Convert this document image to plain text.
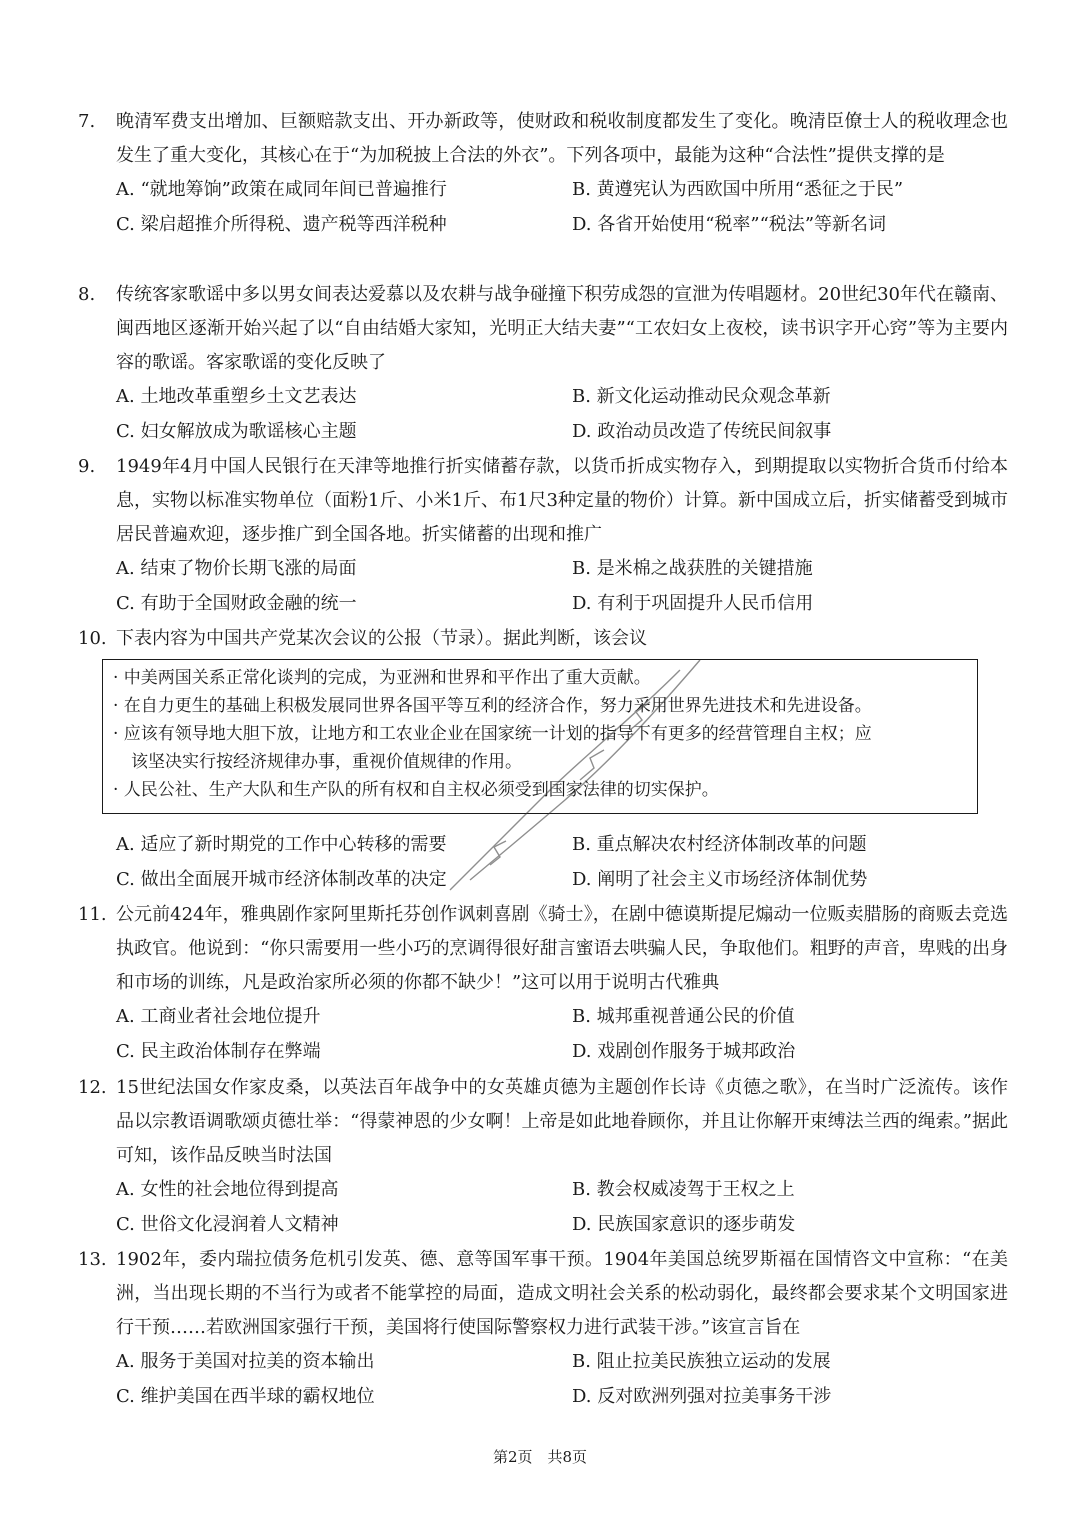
7. 晚清军费支出增加、巨额赔款支出、开办新政等，使财政和税收制度都发生了变化。晚清臣僚士人的税收理念也发生了重大变化，其核心在于“为加税披上合法的外衣”。下列各项中，最能为这种“合法性”提供支撑的是
A. “就地筹饷”政策在咸同年间已普遍推行	B. 黄遵宪认为西欧国中所用“悉征之于民”
C. 梁启超推介所得税、遗产税等西洋税种	D. 各省开始使用“税率”“税法”等新名词
8. 传统客家歌谣中多以男女间表达爱慕以及农耕与战争碰撞下积劳成怨的宣泄为传唱题材。20世纪30年代在赣南、闽西地区逐渐开始兴起了以“自由结婚大家知，光明正大结夫妻”“工农妇女上夜校，读书识字开心窍”等为主要内容的歌谣。客家歌谣的变化反映了
A. 土地改革重塑乡土文艺表达	B. 新文化运动推动民众观念革新
C. 妇女解放成为歌谣核心主题	D. 政治动员改造了传统民间叙事
9. 1949年4月中国人民银行在天津等地推行折实储蓄存款，以货币折成实物存入，到期提取以实物折合货币付给本息，实物以标准实物单位（面粉1斤、小米1斤、布1尺3种定量的物价）计算。新中国成立后，折实储蓄受到城市居民普遍欢迎，逐步推广到全国各地。折实储蓄的出现和推广
A. 结束了物价长期飞涨的局面	B. 是米棉之战获胜的关键措施
C. 有助于全国财政金融的统一	D. 有利于巩固提升人民币信用
10. 下表内容为中国共产党某次会议的公报（节录）。据此判断，该会议
· 中美两国关系正常化谈判的完成，为亚洲和世界和平作出了重大贡献。
· 在自力更生的基础上积极发展同世界各国平等互利的经济合作，努力采用世界先进技术和先进设备。
· 应该有领导地大胆下放，让地方和工农业企业在国家统一计划的指导下有更多的经营管理自主权；应
该坚决实行按经济规律办事，重视价值规律的作用。
· 人民公社、生产大队和生产队的所有权和自主权必须受到国家法律的切实保护。
A. 适应了新时期党的工作中心转移的需要	B. 重点解决农村经济体制改革的问题
C. 做出全面展开城市经济体制改革的决定	D. 阐明了社会主义市场经济体制优势
11. 公元前424年，雅典剧作家阿里斯托芬创作讽刺喜剧《骑士》，在剧中德谟斯提尼煽动一位贩卖腊肠的商贩去竞选执政官。他说到：“你只需要用一些小巧的烹调得很好甜言蜜语去哄骗人民，争取他们。粗野的声音，卑贱的出身和市场的训练，凡是政治家所必须的你都不缺少！”这可以用于说明古代雅典
A. 工商业者社会地位提升	B. 城邦重视普通公民的价值
C. 民主政治体制存在弊端	D. 戏剧创作服务于城邦政治
12. 15世纪法国女作家皮桑，以英法百年战争中的女英雄贞德为主题创作长诗《贞德之歌》，在当时广泛流传。该作品以宗教语调歌颂贞德壮举：“得蒙神恩的少女啊！上帝是如此地眷顾你，并且让你解开束缚法兰西的绳索。”据此可知，该作品反映当时法国
A. 女性的社会地位得到提高	B. 教会权威凌驾于王权之上
C. 世俗文化浸润着人文精神	D. 民族国家意识的逐步萌发
13. 1902年，委内瑞拉债务危机引发英、德、意等国军事干预。1904年美国总统罗斯福在国情咨文中宣称：“在美洲，当出现长期的不当行为或者不能掌控的局面，造成文明社会关系的松动弱化，最终都会要求某个文明国家进行干预……若欧洲国家强行干预，美国将行使国际警察权力进行武装干涉。”该宣言旨在
A. 服务于美国对拉美的资本输出	B. 阻止拉美民族独立运动的发展
C. 维护美国在西半球的霸权地位	D. 反对欧洲列强对拉美事务干涉
第2页　共8页
